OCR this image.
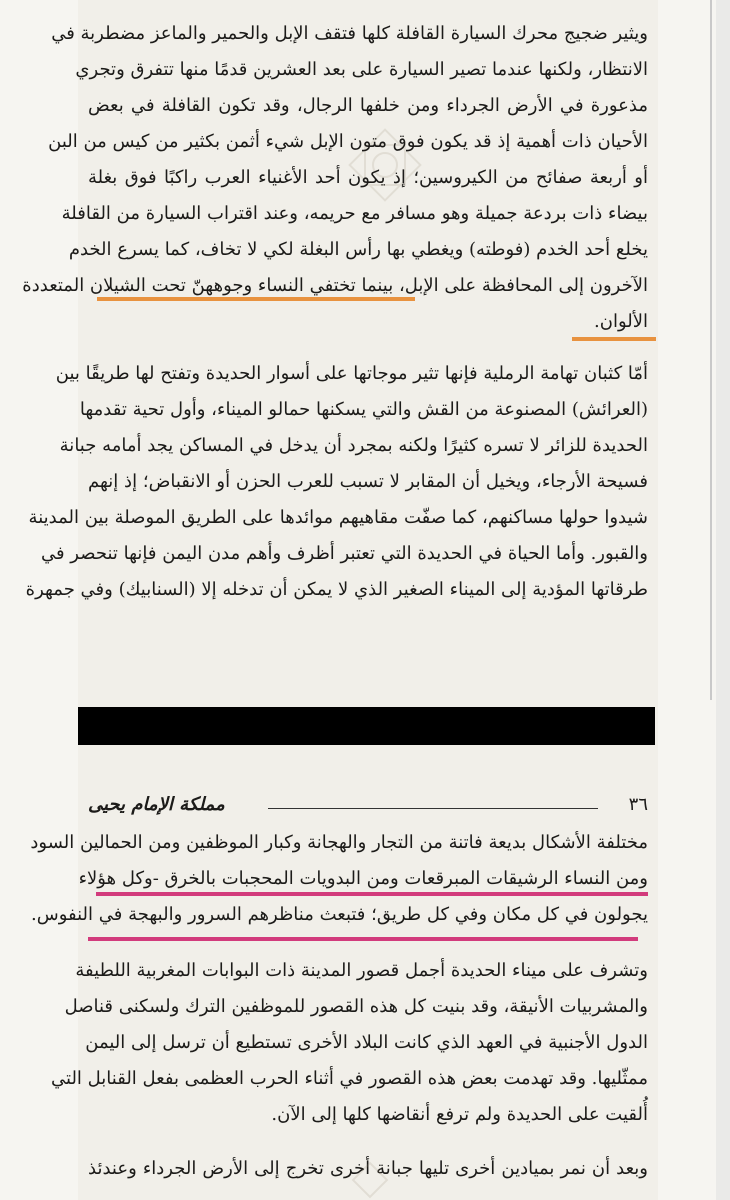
ويثير ضجيج محرك السيارة القافلة كلها فتقف الإبل والحمير والماعز مضطربة في
الانتظار، ولكنها عندما تصير السيارة على بعد العشرين قدمًا منها تتفرق وتجري
مذعورة في الأرض الجرداء ومن خلفها الرجال، وقد تكون القافلة في بعض
الأحيان ذات أهمية إذ قد يكون فوق متون الإبل شيء أثمن بكثير من كيس من البن
أو أربعة صفائح من الكيروسين؛ إذ يكون أحد الأغنياء العرب راكبًا فوق بغلة
بيضاء ذات بردعة جميلة وهو مسافر مع حريمه، وعند اقتراب السيارة من القافلة
يخلع أحد الخدم (فوطته) ويغطي بها رأس البغلة لكي لا تخاف، كما يسرع الخدم
الآخرون إلى المحافظة على الإبل، بينما تختفي النساء وجوههنّ تحت الشيلان المتعددة
الألوان.
أمّا كثبان تهامة الرملية فإنها تثير موجاتها على أسوار الحديدة وتفتح لها طريقًا بين
(العرائش) المصنوعة من القش والتي يسكنها حمالو الميناء، وأول تحية تقدمها
الحديدة للزائر لا تسره كثيرًا ولكنه بمجرد أن يدخل في المساكن يجد أمامه جبانة
فسيحة الأرجاء، ويخيل أن المقابر لا تسبب للعرب الحزن أو الانقباض؛ إذ إنهم
شيدوا حولها مساكنهم، كما صفّت مقاهيهم موائدها على الطريق الموصلة بين المدينة
والقبور. وأما الحياة في الحديدة التي تعتبر أظرف وأهم مدن اليمن فإنها تنحصر في
طرقاتها المؤدية إلى الميناء الصغير الذي لا يمكن أن تدخله إلا (السنابيك) وفي جمهرة
٣٦
مملكة الإمام يحيى
مختلفة الأشكال بديعة فاتنة من التجار والهجانة وكبار الموظفين ومن الحمالين السود
ومن النساء الرشيقات المبرقعات ومن البدويات المحجبات بالخرق -وكل هؤلاء
يجولون في كل مكان وفي كل طريق؛ فتبعث مناظرهم السرور والبهجة في النفوس.
وتشرف على ميناء الحديدة أجمل قصور المدينة ذات البوابات المغربية اللطيفة
والمشربيات الأنيقة، وقد بنيت كل هذه القصور للموظفين الترك ولسكنى قناصل
الدول الأجنبية في العهد الذي كانت البلاد الأخرى تستطيع أن ترسل إلى اليمن
ممثّليها. وقد تهدمت بعض هذه القصور في أثناء الحرب العظمى بفعل القنابل التي
أُلقيت على الحديدة ولم ترفع أنقاضها كلها إلى الآن.
وبعد أن نمر بميادين أخرى تليها جبانة أخرى تخرج إلى الأرض الجرداء وعندئذ
